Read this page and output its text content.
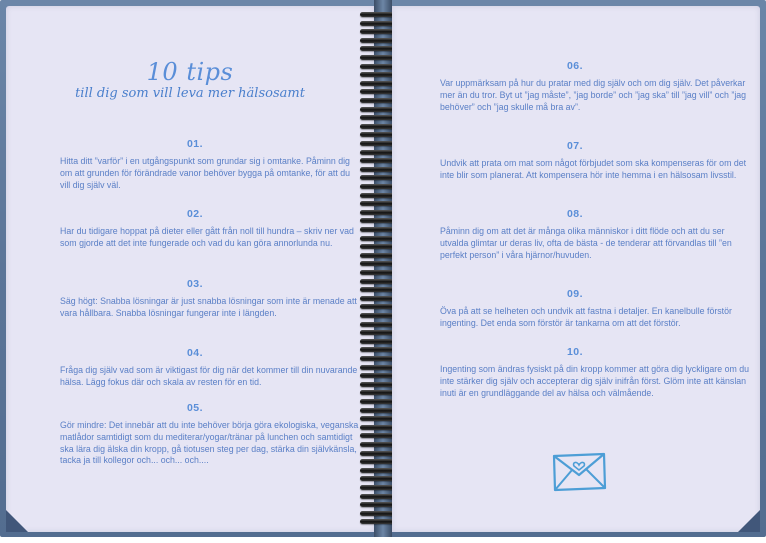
10 tips
till dig som vill leva mer hälsosamt
01.
Hitta ditt ”varför” i en utgångspunkt som grundar sig i omtanke. Påminn dig om att grunden för förändrade vanor behöver bygga på omtanke, för att du vill dig själv väl.
02.
Har du tidigare hoppat på dieter eller gått från noll till hundra – skriv ner vad som gjorde att det inte fungerade och vad du kan göra annorlunda nu.
03.
Säg högt: Snabba lösningar är just snabba lösningar som inte är menade att vara hållbara. Snabba lösningar fungerar inte i längden.
04.
Fråga dig själv vad som är viktigast för dig när det kommer till din nuvarande hälsa. Lägg fokus där och skala av resten för en tid.
05.
Gör mindre: Det innebär att du inte behöver börja göra ekologiska, veganska matlådor samtidigt som du mediterar/yogar/tränar på lunchen och samtidigt ska lära dig älska din kropp, gå tiotusen steg per dag, stärka din självkänsla, tacka ja till kollegor och... och... och....
06.
Var uppmärksam på hur du pratar med dig själv och om dig själv. Det påverkar mer än du tror. Byt ut ”jag måste”, ”jag borde” och ”jag ska” till ”jag vill” och ”jag behöver” och ”jag skulle må bra av”.
07.
Undvik att prata om mat som något förbjudet som ska kompenseras för om det inte blir som planerat. Att kompensera hör inte hemma i en hälsosam livsstil.
08.
Påminn dig om att det är många olika människor i ditt flöde och att du ser utvalda glimtar ur deras liv, ofta de bästa - de tenderar att förvandlas till ”en perfekt person” i våra hjärnor/huvuden.
09.
Öva på att se helheten och undvik att fastna i detaljer. En kanelbulle förstör ingenting. Det enda som förstör är tankarna om att det förstör.
10.
Ingenting som ändras fysiskt på din kropp kommer att göra dig lyckligare om du inte stärker dig själv och accepterar dig själv inifrån först. Glöm inte att känslan inuti är en grundläggande del av hälsa och välmående.
